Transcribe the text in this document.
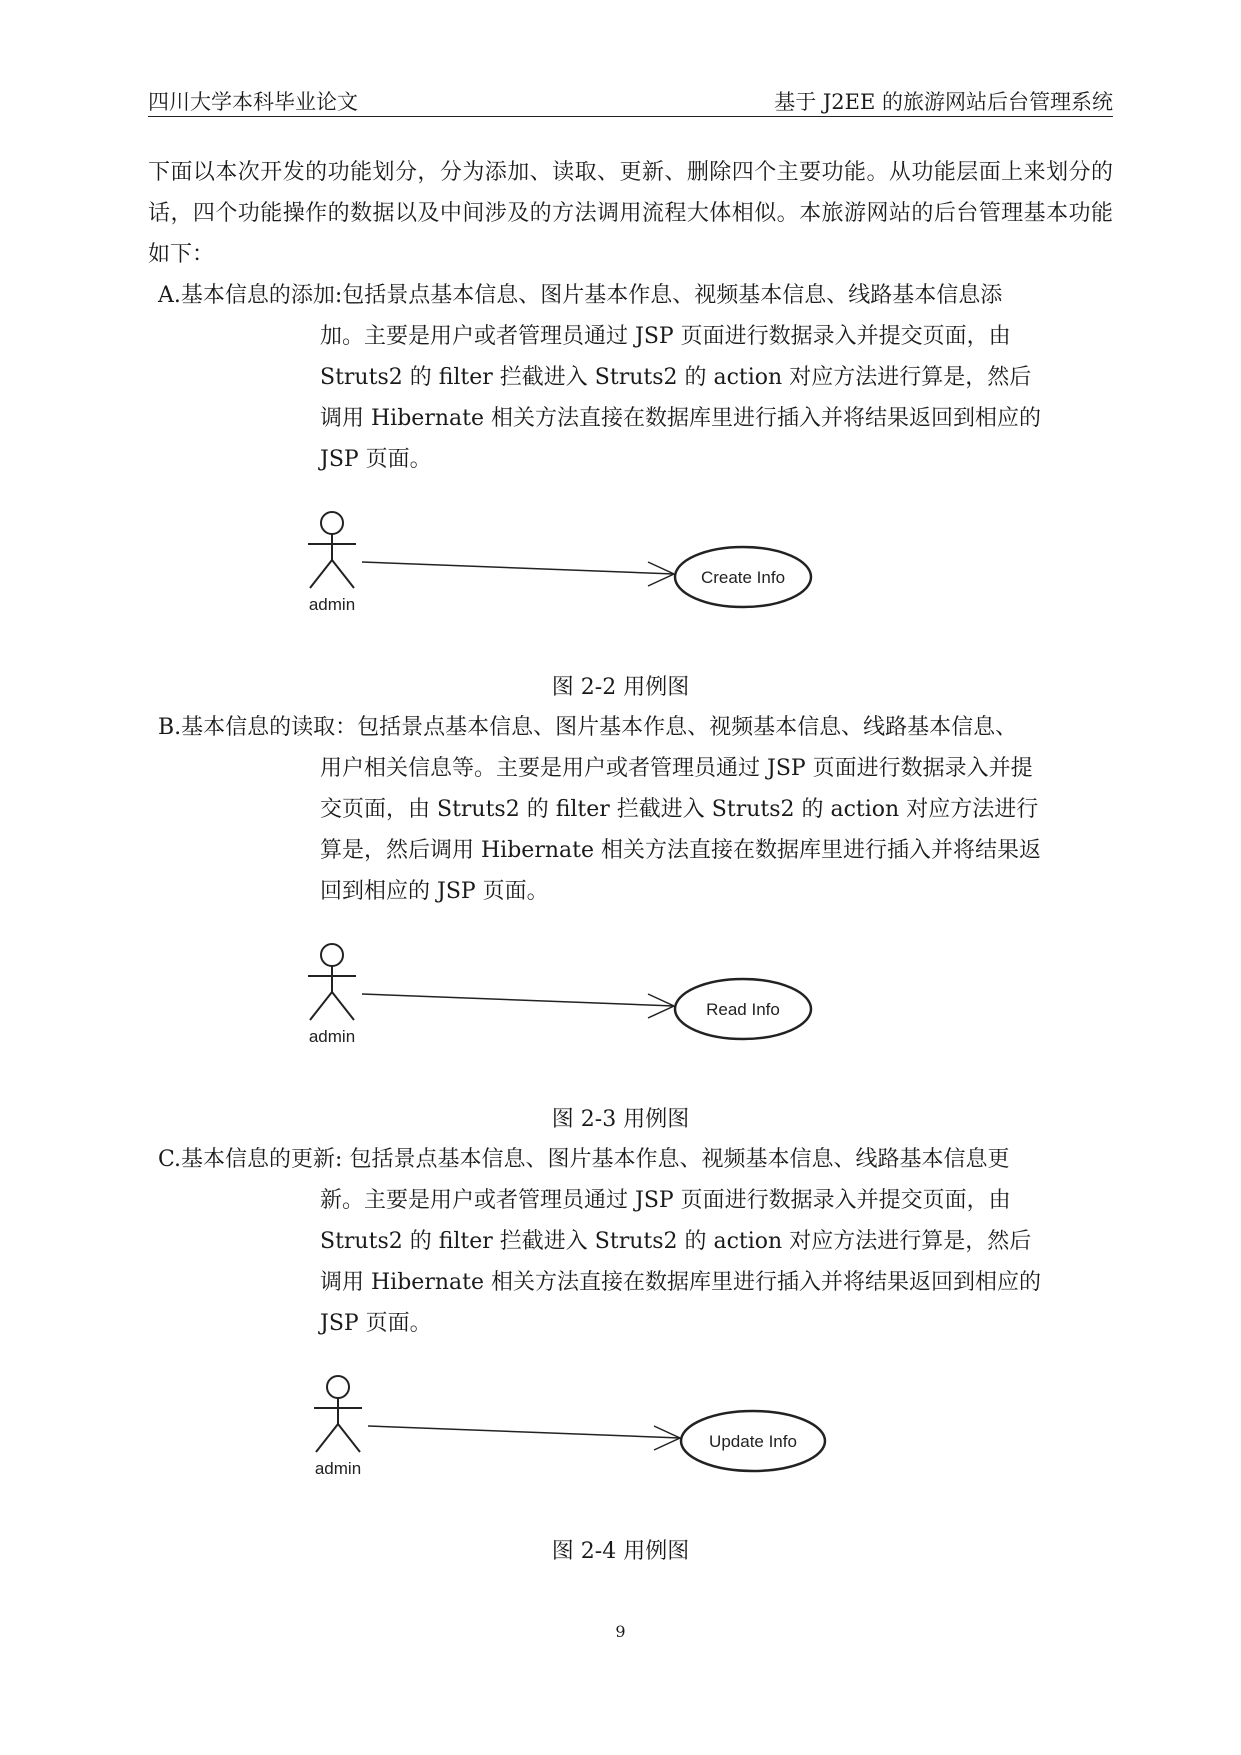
四川大学本科毕业论文	基于 J2EE 的旅游网站后台管理系统

下面以本次开发的功能划分，分为添加、读取、更新、删除四个主要功能。从功能层面上来划分的话，四个功能操作的数据以及中间涉及的方法调用流程大体相似。本旅游网站的后台管理基本功能如下：

A.基本信息的添加:包括景点基本信息、图片基本作息、视频基本信息、线路基本信息添

加。主要是用户或者管理员通过 JSP 页面进行数据录入并提交页面，由
Struts2 的 filter 拦截进入 Struts2 的 action 对应方法进行算是，然后
调用 Hibernate 相关方法直接在数据库里进行插入并将结果返回到相应的
JSP 页面。

admin
Create Info
图 2-2 用例图

B.基本信息的读取：包括景点基本信息、图片基本作息、视频基本信息、线路基本信息、

用户相关信息等。主要是用户或者管理员通过 JSP 页面进行数据录入并提
交页面，由 Struts2 的 filter 拦截进入 Struts2 的 action 对应方法进行
算是，然后调用 Hibernate 相关方法直接在数据库里进行插入并将结果返
回到相应的 JSP 页面。

admin
Read Info
图 2-3 用例图

C.基本信息的更新: 包括景点基本信息、图片基本作息、视频基本信息、线路基本信息更

新。主要是用户或者管理员通过 JSP 页面进行数据录入并提交页面，由
Struts2 的 filter 拦截进入 Struts2 的 action 对应方法进行算是，然后
调用 Hibernate 相关方法直接在数据库里进行插入并将结果返回到相应的
JSP 页面。

admin
Update Info
图 2-4 用例图
9
